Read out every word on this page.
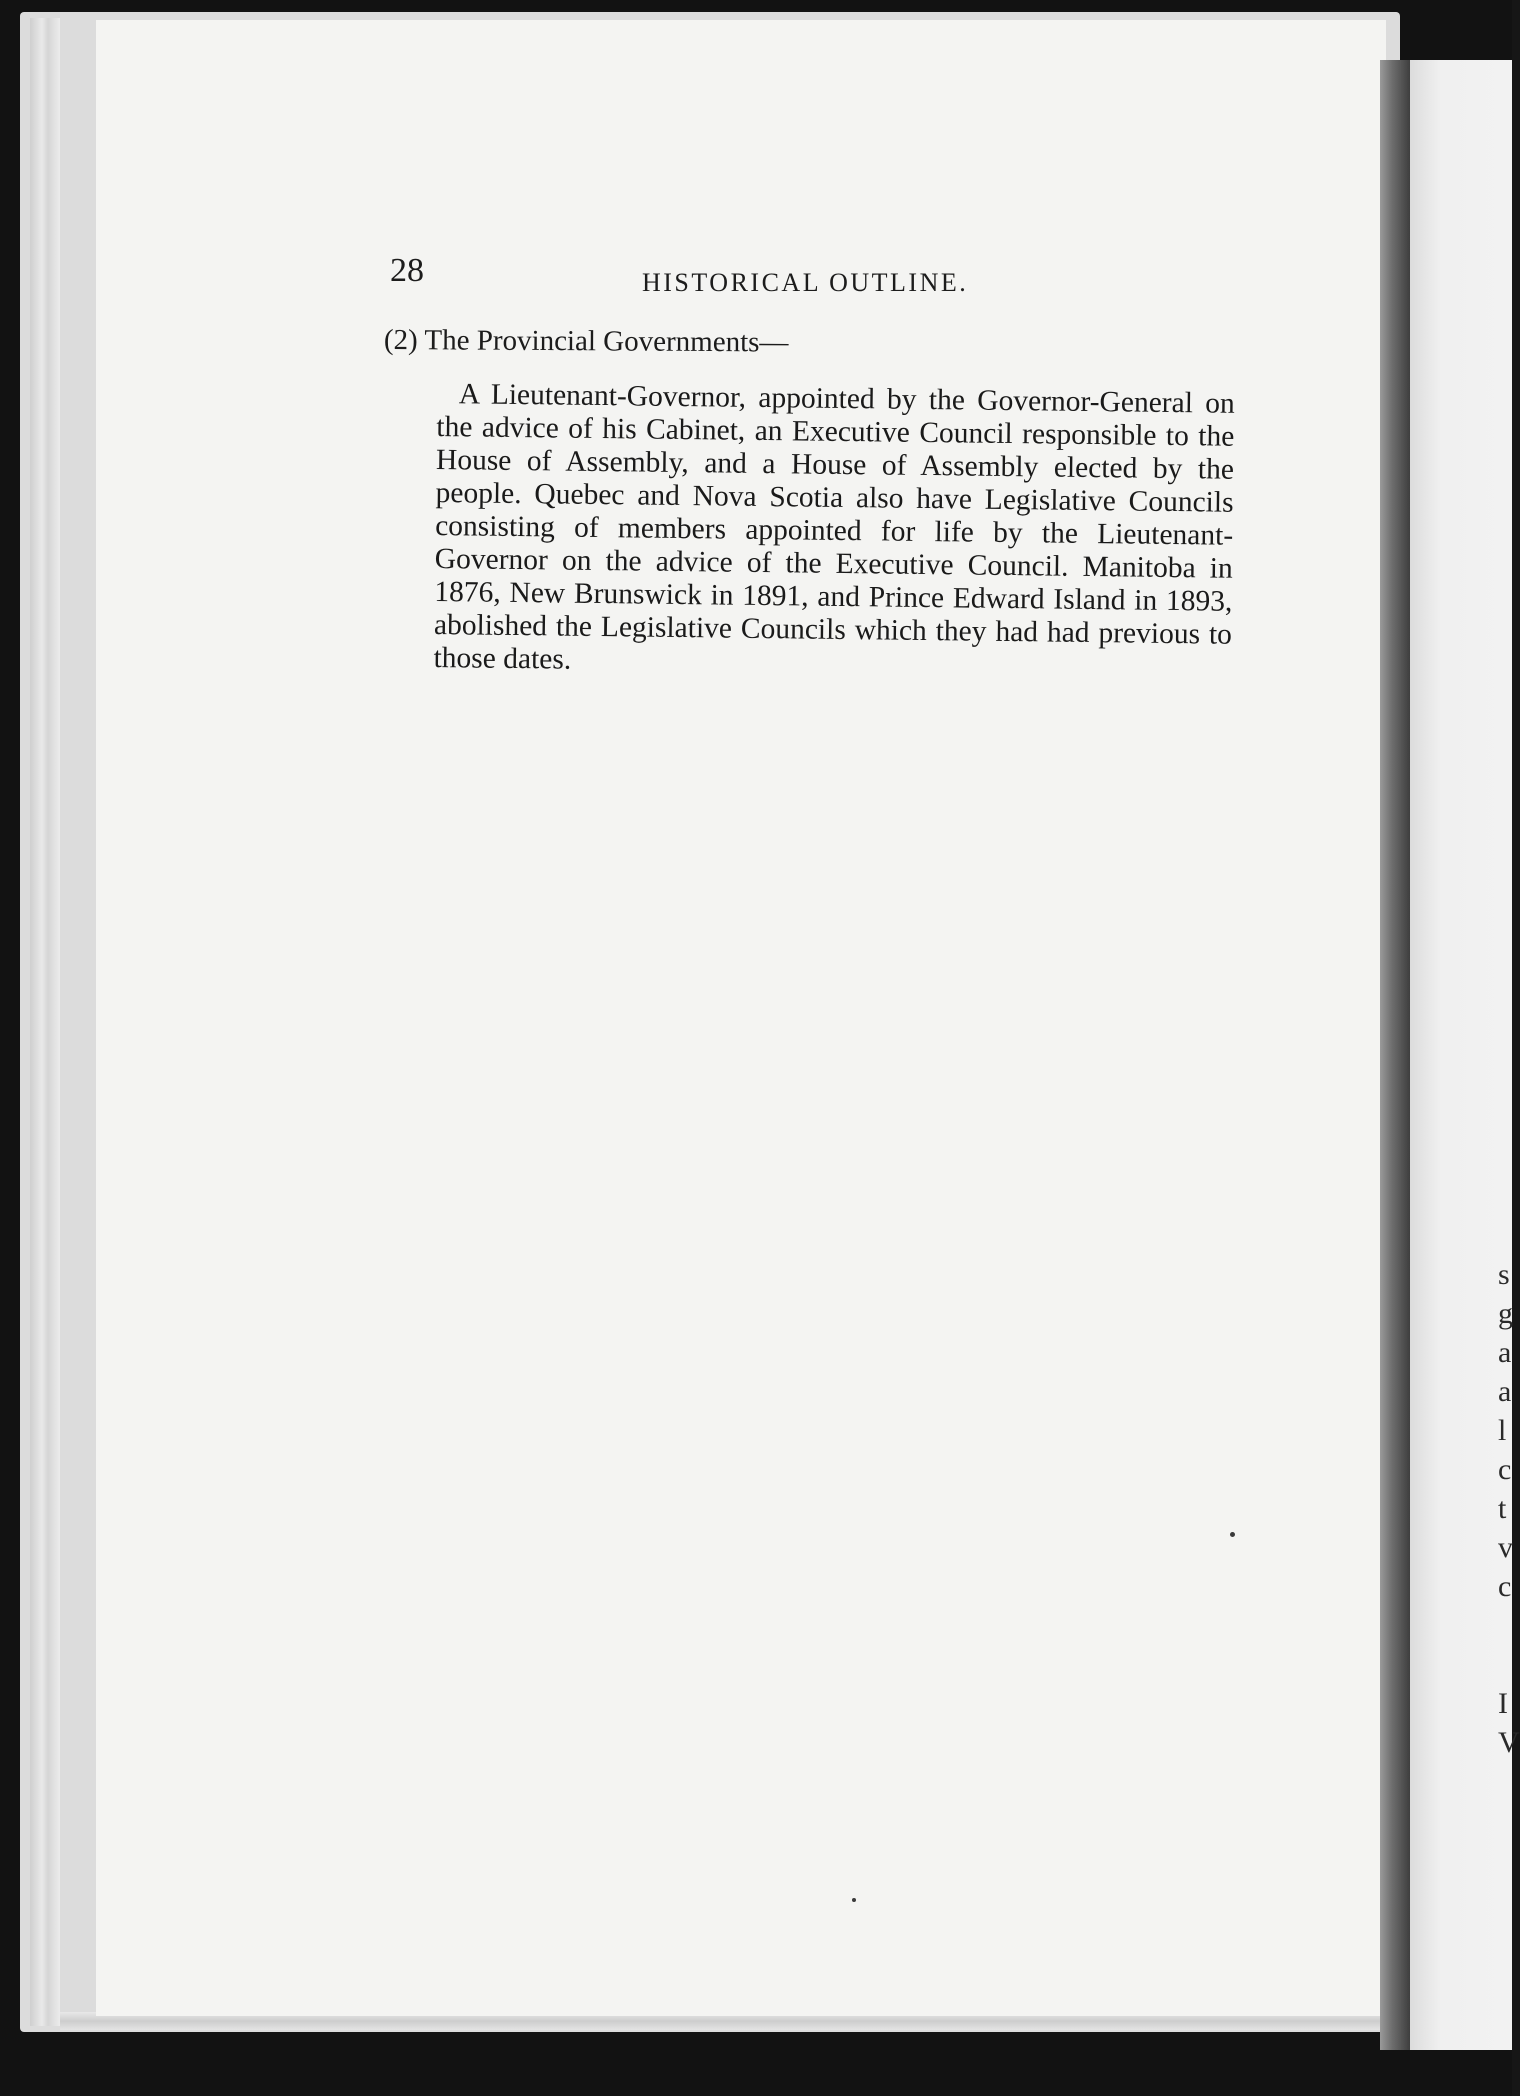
s
g
a
a
l
c
t
v
c

I
V
28	HISTORICAL OUTLINE.
(2) The Provincial Governments—
A Lieutenant-Governor, appointed by the Governor-General on the advice of his Cabinet, an Executive Council responsible to the House of Assembly, and a House of Assembly elected by the people. Quebec and Nova Scotia also have Legislative Councils consisting of members appointed for life by the Lieutenant-Governor on the advice of the Executive Council. Manitoba in 1876, New Brunswick in 1891, and Prince Edward Island in 1893, abolished the Legislative Councils which they had had previous to those dates.
